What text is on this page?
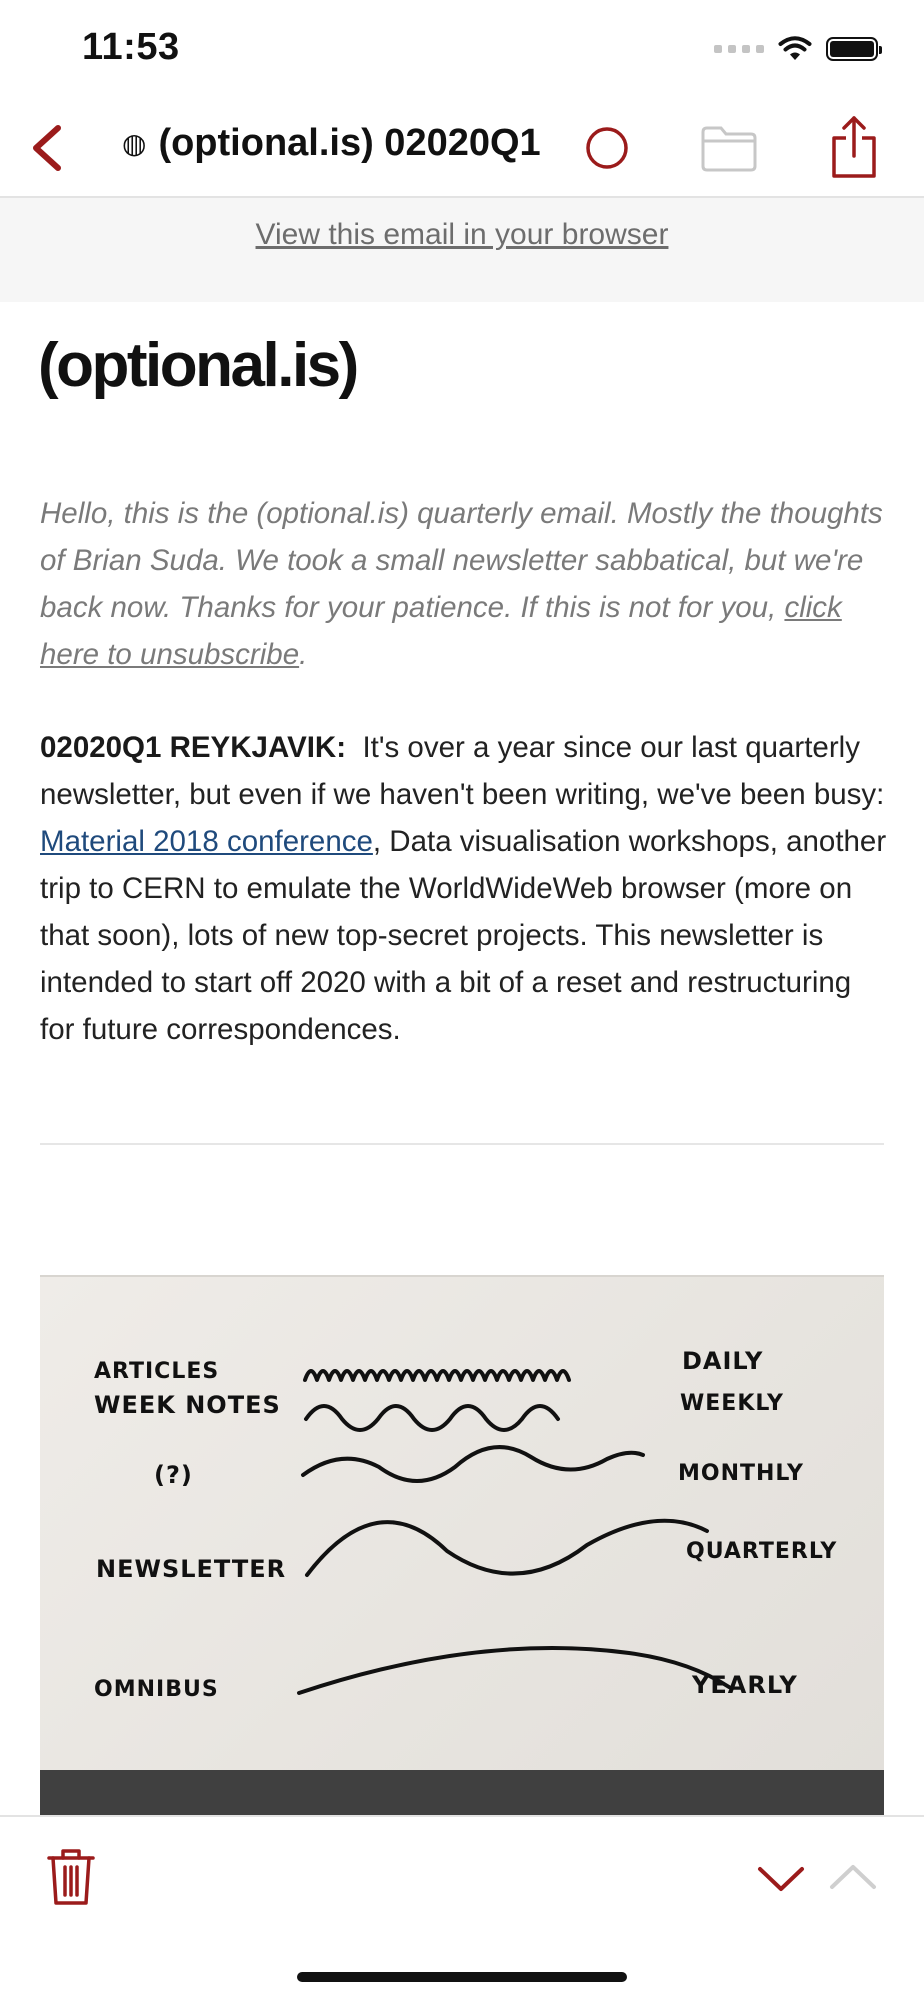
11:53
◍ (optional.is) 02020Q1
View this email in your browser
(optional.is)

Hello, this is the (optional.is) quarterly email. Mostly the thoughts of Brian Suda. We took a small newsletter sabbatical, but we're back now. Thanks for your patience. If this is not for you, click here to unsubscribe.

02020Q1 REYKJAVIK:  It's over a year since our last quarterly newsletter, but even if we haven't been writing, we've been busy: Material 2018 conference, Data visualisation workshops, another trip to CERN to emulate the WorldWideWeb browser (more on that soon), lots of new top-secret projects. This newsletter is intended to start off 2020 with a bit of a reset and restructuring for future correspondences.

ARTICLES
WEEK NOTES
(?)
NEWSLETTER
OMNIBUS
DAILY
WEEKLY
MONTHLY
QUARTERLY
YEARLY
